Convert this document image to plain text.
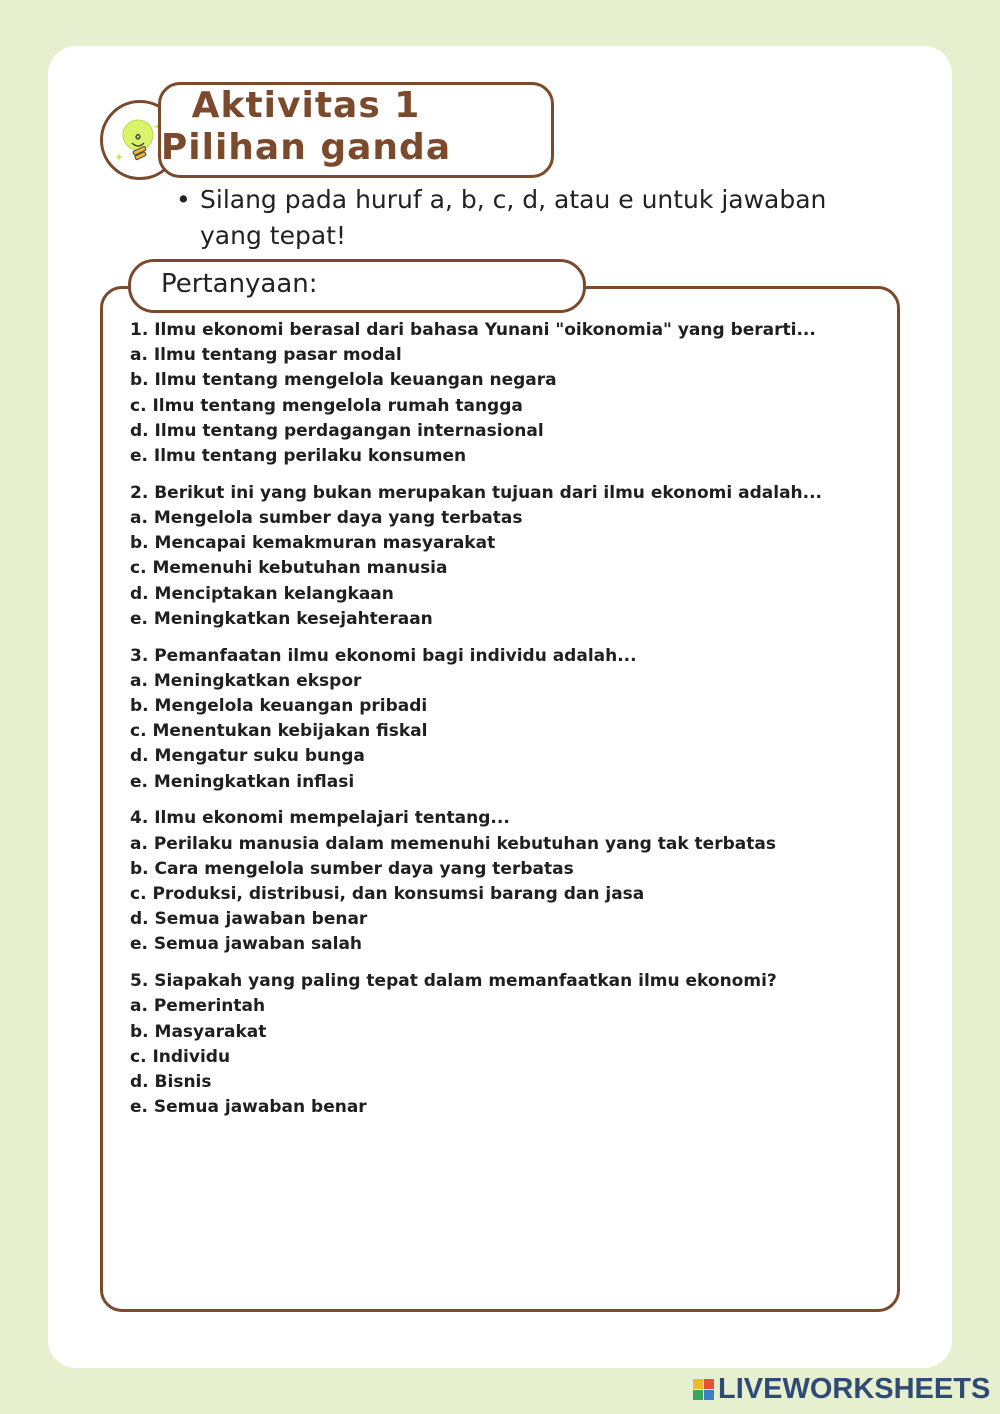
Aktivitas 1
Pilihan ganda
• Silang pada huruf a, b, c, d, atau e untuk jawaban yang tepat!
Pertanyaan:
1. Ilmu ekonomi berasal dari bahasa Yunani "oikonomia" yang berarti...
a. Ilmu tentang pasar modal
b. Ilmu tentang mengelola keuangan negara
c. Ilmu tentang mengelola rumah tangga
d. Ilmu tentang perdagangan internasional
e. Ilmu tentang perilaku konsumen
2. Berikut ini yang bukan merupakan tujuan dari ilmu ekonomi adalah...
a. Mengelola sumber daya yang terbatas
b. Mencapai kemakmuran masyarakat
c. Memenuhi kebutuhan manusia
d. Menciptakan kelangkaan
e. Meningkatkan kesejahteraan
3. Pemanfaatan ilmu ekonomi bagi individu adalah...
a. Meningkatkan ekspor
b. Mengelola keuangan pribadi
c. Menentukan kebijakan fiskal
d. Mengatur suku bunga
e. Meningkatkan inflasi
4. Ilmu ekonomi mempelajari tentang...
a. Perilaku manusia dalam memenuhi kebutuhan yang tak terbatas
b. Cara mengelola sumber daya yang terbatas
c. Produksi, distribusi, dan konsumsi barang dan jasa
d. Semua jawaban benar
e. Semua jawaban salah
5. Siapakah yang paling tepat dalam memanfaatkan ilmu ekonomi?
a. Pemerintah
b. Masyarakat
c. Individu
d. Bisnis
e. Semua jawaban benar
LIVEWORKSHEETS
